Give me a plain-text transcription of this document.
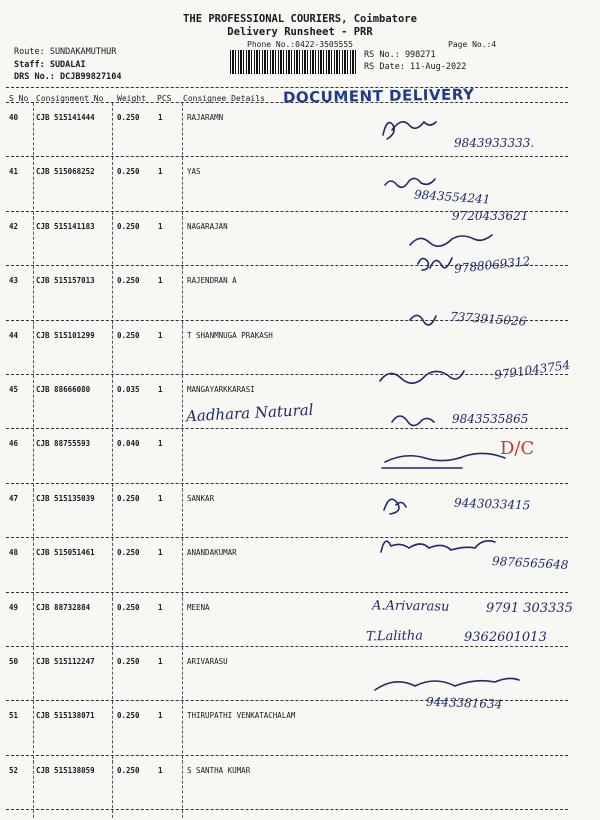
THE PROFESSIONAL COURIERS, Coimbatore
Delivery Runsheet - PRR
Phone No.:0422-3505555	Page No.:4
Route: SUNDAKAMUTHUR
Staff: SUDALAI
DRS No.: DCJB99827104
RS No.: 998271
RS Date: 11-Aug-2022
S No Consignment No Weight PCS Consignee Details DOCUMENT DELIVERY
40 CJB 515141444	0.250 1	RAJARAMN
41 CJB 515068252	0.250 1	YAS
42 CJB 515141183	0.250 1	NAGARAJAN
43 CJB 515157013	0.250 1	RAJENDRAN A
44 CJB 515101299	0.250 1	T SHANMNUGA PRAKASH
45 CJB 88666080	0.035 1	MANGAYARKKARASI
46 CJB 88755593	0.040 1
47 CJB 515135039	0.250 1	SANKAR
48 CJB 515051461	0.250 1	ANANDAKUMAR
49 CJB 88732884	0.250 1	MEENA
50 CJB 515112247	0.250 1	ARIVARASU
51 CJB 515138071	0.250 1	THIRUPATHI VENKATACHALAM
52 CJB 515138059	0.250 1	S SANTHA KUMAR
9843933333.
9843554241
9720433621
9788069312
7373915026
9791043754
Aadhara Natural	9843535865
D/C
9443033415
9876565648
A.Arivarasu	9791 303335
T.Lalitha	9362601013
9443381634
